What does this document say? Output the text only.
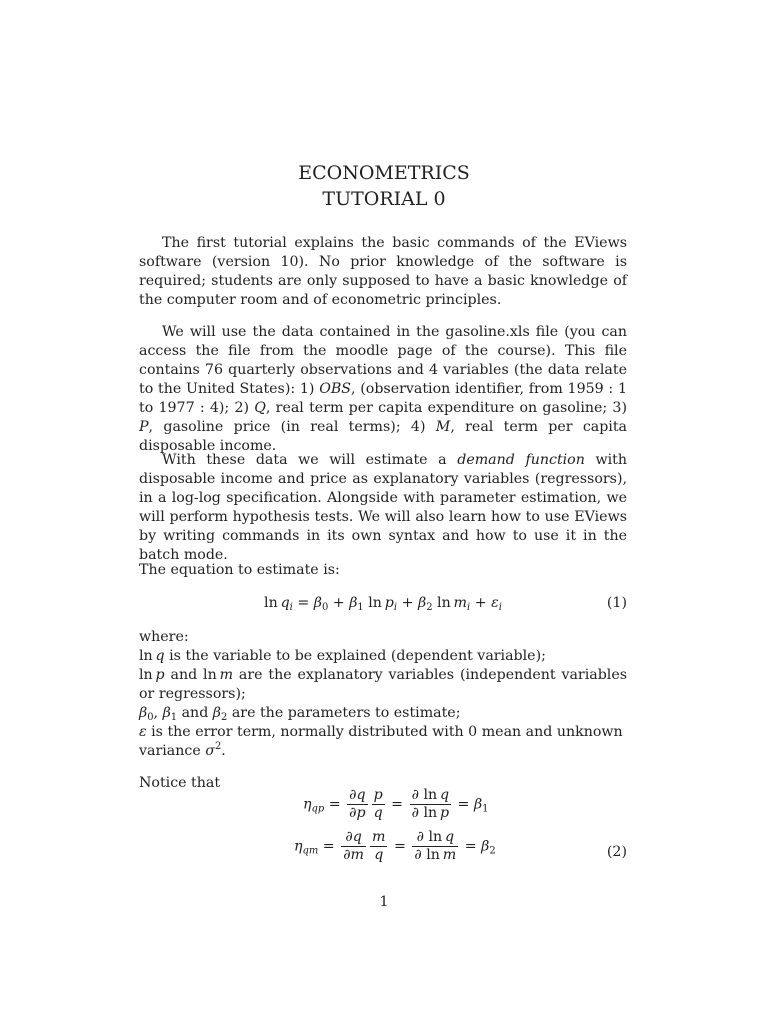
ECONOMETRICS
TUTORIAL 0

The first tutorial explains the basic commands of the EViews software (version 10). No prior knowledge of the software is required; students are only supposed to have a basic knowledge of the computer room and of econometric principles.

We will use the data contained in the gasoline.xls file (you can access the file from the moodle page of the course). This file contains 76 quarterly observations and 4 variables (the data relate to the United States): 1) OBS, (observation identifier, from 1959 : 1 to 1977 : 4); 2) Q, real term per capita expenditure on gasoline; 3) P, gasoline price (in real terms); 4) M, real term per capita disposable income.

With these data we will estimate a demand function with disposable income and price as explanatory variables (regressors), in a log-log specification. Alongside with parameter estimation, we will perform hypothesis tests. We will also learn how to use EViews by writing commands in its own syntax and how to use it in the batch mode.

The equation to estimate is:

$\ln q_i = \beta_0 + \beta_1$ $\ln p_i + \beta_2$ $\ln m_i + \varepsilon_i$	(1)
where:
ln q is the variable to be explained (dependent variable);
ln p and ln m are the explanatory variables (independent variables or regressors);
$\beta_0$, $\beta_1$ and $\beta_2$ are the parameters to estimate;
ε is the error term, normally distributed with 0 mean and unknown variance $\sigma^2$.

Notice that

$\eta_{qp} = \frac{\partial q}{\partial p} \frac{p}{q} = \frac{\text{∂ ln q}}{\text{∂ ln p}} = \beta_1$
$\eta_{qm} = \frac{\partial q}{\partial m} \frac{m}{q} = \frac{\text{∂ ln q}}{\text{∂ ln m}} = \beta_2$	(2)
1
